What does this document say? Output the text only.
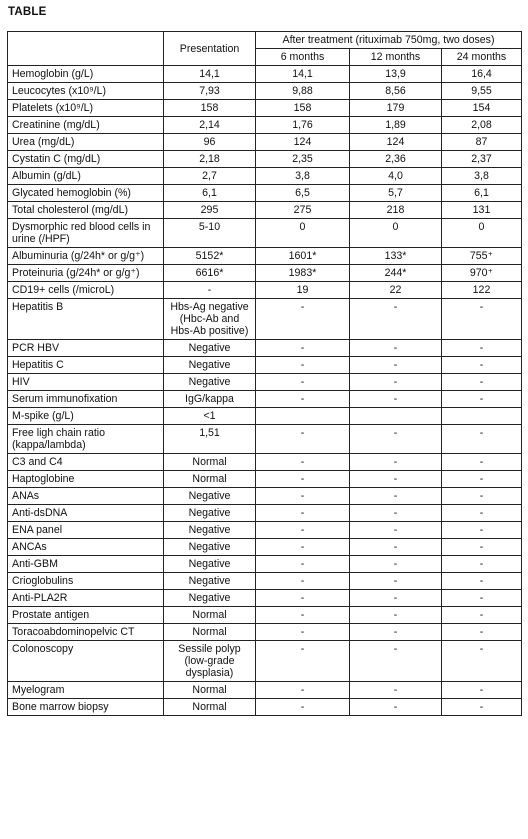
TABLE
	Presentation	After treatment (rituximab 750mg, two doses)		
		6 months	12 months	24 months
Hemoglobin (g/L)	14,1	14,1	13,9	16,4
Leucocytes (x10⁹/L)	7,93	9,88	8,56	9,55
Platelets (x10⁹/L)	158	158	179	154
Creatinine (mg/dL)	2,14	1,76	1,89	2,08
Urea (mg/dL)	96	124	124	87
Cystatin C (mg/dL)	2,18	2,35	2,36	2,37
Albumin (g/dL)	2,7	3,8	4,0	3,8
Glycated hemoglobin (%)	6,1	6,5	5,7	6,1
Total cholesterol (mg/dL)	295	275	218	131
Dysmorphic red blood cells in urine (/HPF)	5-10	0	0	0
Albuminuria (g/24h* or g/g⁺)	5152*	1601*	133*	755⁺
Proteinuria (g/24h* or g/g⁺)	6616*	1983*	244*	970⁺
CD19+ cells (/microL)	-	19	22	122
Hepatitis B	Hbs-Ag negative (Hbc-Ab and Hbs-Ab positive)	-	-	-
PCR HBV	Negative	-	-	-
Hepatitis C	Negative	-	-	-
HIV	Negative	-	-	-
Serum immunofixation	IgG/kappa	-	-	-
M-spike (g/L)	<1			
Free ligh chain ratio (kappa/lambda)	1,51	-	-	-
C3 and C4	Normal	-	-	-
Haptoglobine	Normal	-	-	-
ANAs	Negative	-	-	-
Anti-dsDNA	Negative	-	-	-
ENA panel	Negative	-	-	-
ANCAs	Negative	-	-	-
Anti-GBM	Negative	-	-	-
Crioglobulins	Negative	-	-	-
Anti-PLA2R	Negative	-	-	-
Prostate antigen	Normal	-	-	-
Toracoabdominopelvic CT	Normal	-	-	-
Colonoscopy	Sessile polyp (low-grade dysplasia)	-	-	-
Myelogram	Normal	-	-	-
Bone marrow biopsy	Normal	-	-	-
